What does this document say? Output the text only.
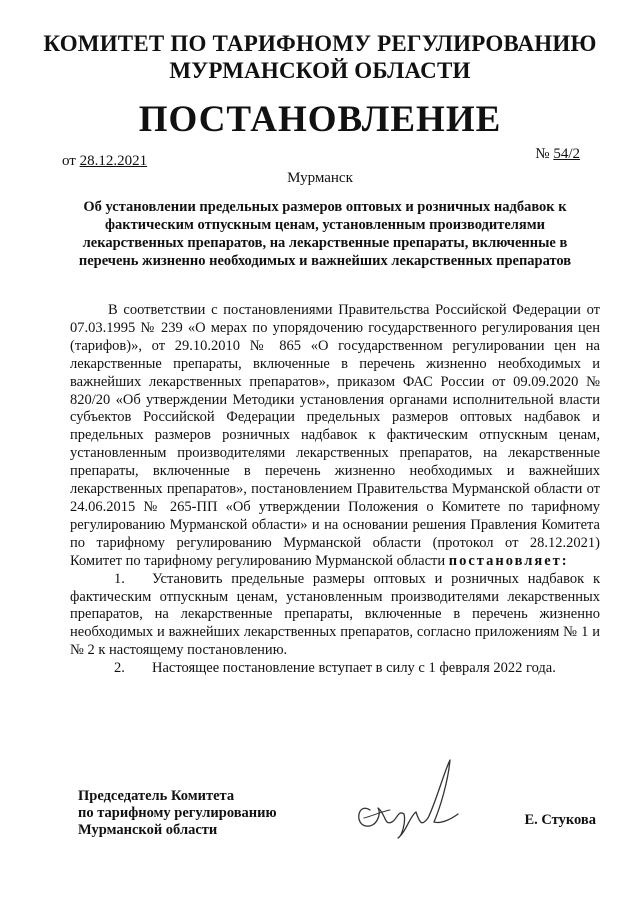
КОМИТЕТ ПО ТАРИФНОМУ РЕГУЛИРОВАНИЮ
МУРМАНСКОЙ ОБЛАСТИ
ПОСТАНОВЛЕНИЕ
от 28.12.2021	№ 54/2
Мурманск
Об установлении предельных размеров оптовых и розничных надбавок к фактическим отпускным ценам, установленным производителями лекарственных препаратов, на лекарственные препараты, включенные в перечень жизненно необходимых и важнейших лекарственных препаратов

В соответствии с постановлениями Правительства Российской Федерации от 07.03.1995 № 239 «О мерах по упорядочению государственного регулирования цен (тарифов)», от 29.10.2010 № 865 «О государственном регулировании цен на лекарственные препараты, включенные в перечень жизненно необходимых и важнейших лекарственных препаратов», приказом ФАС России от 09.09.2020 № 820/20 «Об утверждении Методики установления органами исполнительной власти субъектов Российской Федерации предельных размеров оптовых надбавок и предельных размеров розничных надбавок к фактическим отпускным ценам, установленным производителями лекарственных препаратов, на лекарственные препараты, включенные в перечень жизненно необходимых и важнейших лекарственных препаратов», постановлением Правительства Мурманской области от 24.06.2015 № 265-ПП «Об утверждении Положения о Комитете по тарифному регулированию Мурманской области» и на основании решения Правления Комитета по тарифному регулированию Мурманской области (протокол от 28.12.2021) Комитет по тарифному регулированию Мурманской области постановляет:

1. Установить предельные размеры оптовых и розничных надбавок к фактическим отпускным ценам, установленным производителями лекарственных препаратов, на лекарственные препараты, включенные в перечень жизненно необходимых и важнейших лекарственных препаратов, согласно приложениям № 1 и № 2 к настоящему постановлению.

2. Настоящее постановление вступает в силу с 1 февраля 2022 года.

Председатель Комитета
по тарифному регулированию
Мурманской области
Е. Стукова
